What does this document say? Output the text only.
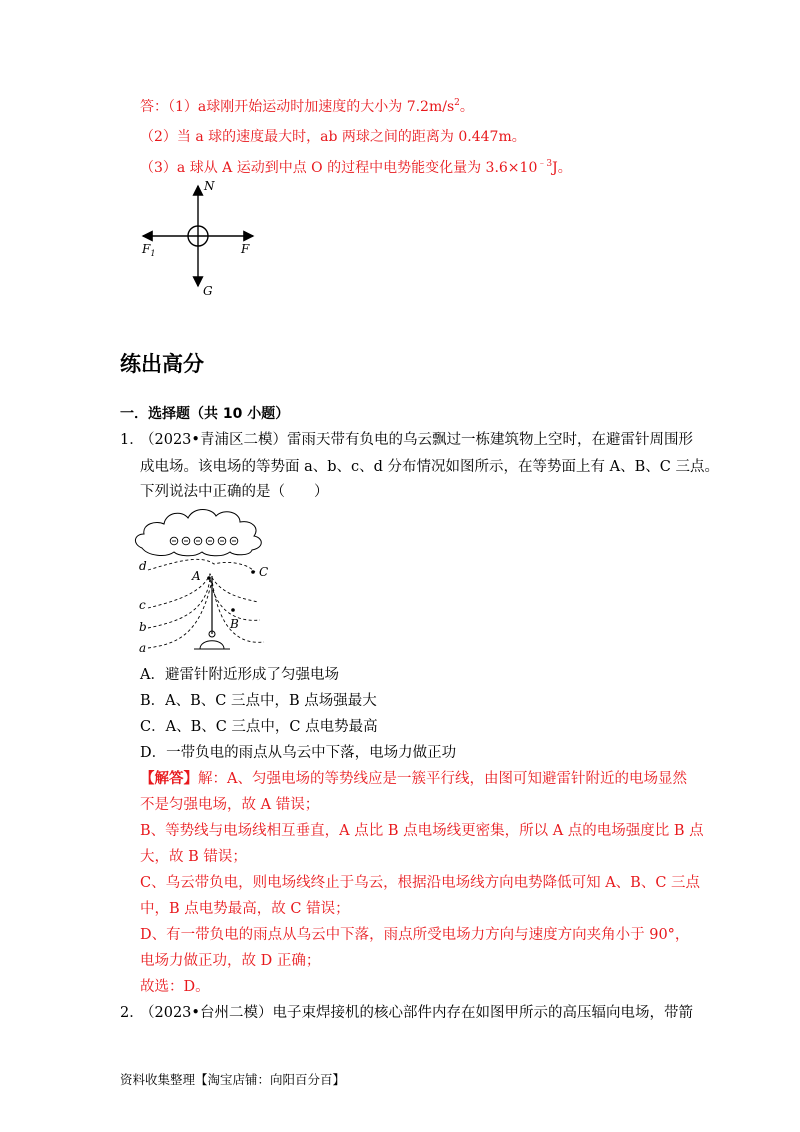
答：（1）a球刚开始运动时加速度的大小为 $7.2m/s^2$。
（2）当 a 球的速度最大时，ab 两球之间的距离为 0.447m。
（3）a 球从 A 运动到中点 O 的过程中电势能变化量为 $3.6\times 10^{﹣3}J$。
N
$F_1$	F
G
练出高分
一．选择题（共 10 小题）
1．
（2023•青浦区二模）雷雨天带有负电的乌云飘过一栋建筑物上空时，在避雷针周围形
成电场。该电场的等势面 a、b、c、d 分布情况如图所示，在等势面上有 A、B、C 三点。
下列说法中正确的是（　　）
d
c
b
a
A
B
C
A．避雷针附近形成了匀强电场
B．A、B、C 三点中，B 点场强最大
C．A、B、C 三点中，C 点电势最高
D．一带负电的雨点从乌云中下落，电场力做正功
【解答】解：A、匀强电场的等势线应是一簇平行线，由图可知避雷针附近的电场显然
不是匀强电场，故 A 错误；
B、等势线与电场线相互垂直，A 点比 B 点电场线更密集，所以 A 点的电场强度比 B 点
大，故 B 错误；
C、乌云带负电，则电场线终止于乌云，根据沿电场线方向电势降低可知 A、B、C 三点
中，B 点电势最高，故 C 错误；
D、有一带负电的雨点从乌云中下落，雨点所受电场力方向与速度方向夹角小于 90°，
电场力做正功，故 D 正确；
故选：D。
2．
（2023•台州二模）电子束焊接机的核心部件内存在如图甲所示的高压辐向电场，带箭
资料收集整理【淘宝店铺：向阳百分百】
